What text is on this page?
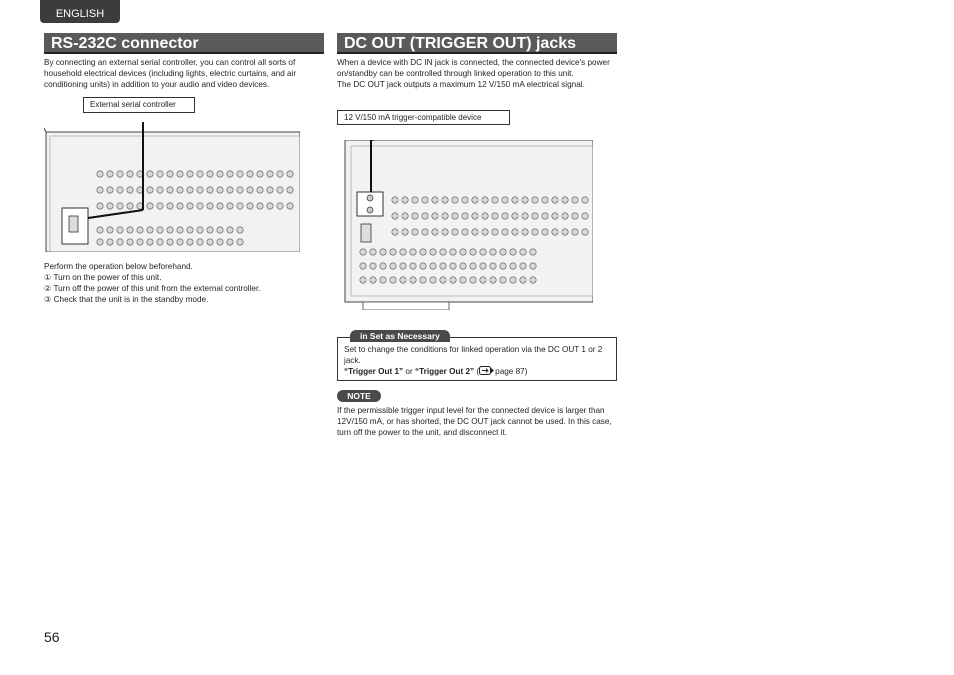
ENGLISH
RS-232C connector

By connecting an external serial controller, you can control all sorts of household electrical devices (including lights, electric curtains, and air conditioning units) in addition to your audio and video devices.

External serial controller
Perform the operation below beforehand.
① Turn on the power of this unit.
② Turn off the power of this unit from the external controller.
③ Check that the unit is in the standby mode.
DC OUT (TRIGGER OUT) jacks
When a device with DC IN jack is connected, the connected device's power on/standby can be controlled through linked operation to this unit.
The DC OUT jack outputs a maximum 12 V/150 mA electrical signal.
12 V/150 mA trigger-compatible device
Set to change the conditions for linked operation via the DC OUT 1 or 2 jack.
“Trigger Out 1” or “Trigger Out 2” ( page 87)
in Set as Necessary
NOTE

If the permissible trigger input level for the connected device is larger than 12V/150 mA, or has shorted, the DC OUT jack cannot be used. In this case, turn off the power to the unit, and disconnect it.

56
